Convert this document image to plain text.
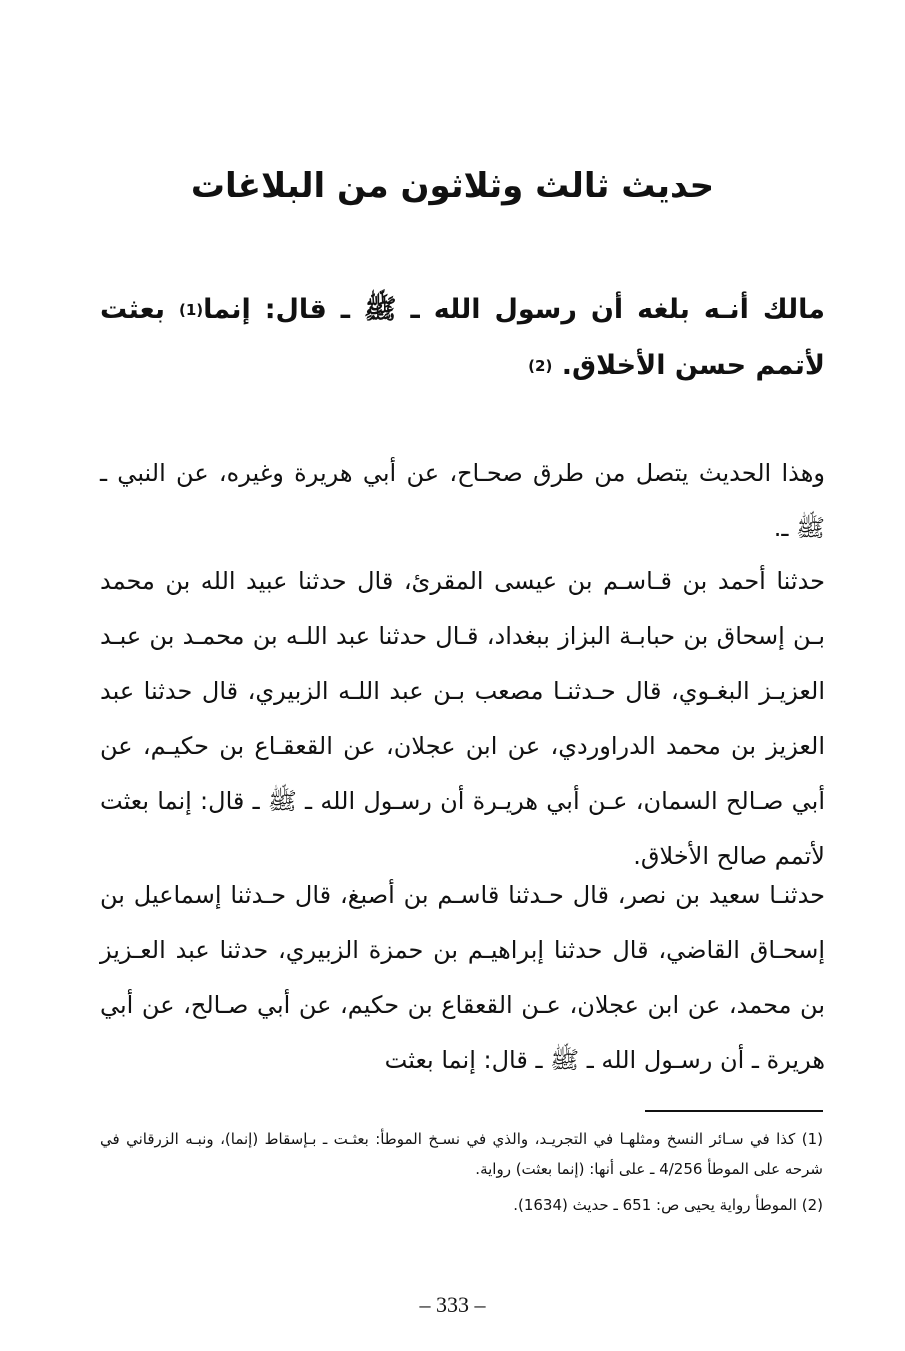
حديث ثالث وثلاثون من البلاغات
مالك أنـه بلغه أن رسول الله ـ ﷺ ـ قال: إنما(1) بعثت لأتمم حسن الأخلاق. (2)
وهذا الحديث يتصل من طرق صحـاح، عن أبي هريرة وغيره، عن النبي ـ ﷺ ـ.
حدثنا أحمد بن قـاسـم بن عيسى المقرئ، قال حدثنا عبيد الله بن محمد بـن إسحاق بن حبابـة البزاز ببغداد، قـال حدثنا عبد اللـه بن محمـد بن عبـد العزيـز البغـوي، قال حـدثنـا مصعب بـن عبد اللـه الزبيري، قال حدثنا عبد العزيز بن محمد الدراوردي، عن ابن عجلان، عن القعقـاع بن حكيـم، عن أبي صـالح السمان، عـن أبي هريـرة أن رسـول الله ـ ﷺ ـ قال: إنما بعثت لأتمم صالح الأخلاق.
حدثنـا سعيد بن نصر، قال حـدثنا قاسـم بن أصبغ، قال حـدثنا إسماعيل بن إسحـاق القاضي، قال حدثنا إبراهيـم بن حمزة الزبيري، حدثنا عبد العـزيز بن محمد، عن ابن عجلان، عـن القعقاع بن حكيم، عن أبي صـالح، عن أبي هريرة ـ أن رسـول الله ـ ﷺ ـ قال: إنما بعثت

(1) كذا في سـائر النسخ ومثلهـا في التجريـد، والذي في نسـخ الموطأ: بعثـت ـ بـإسقاط (إنما)، ونبـه الزرقاني في شرحه على الموطأ 4/256 ـ على أنها: (إنما بعثت) رواية.

(2) الموطأ رواية يحيى ص: 651 ـ حديث (1634).

– 333 –
